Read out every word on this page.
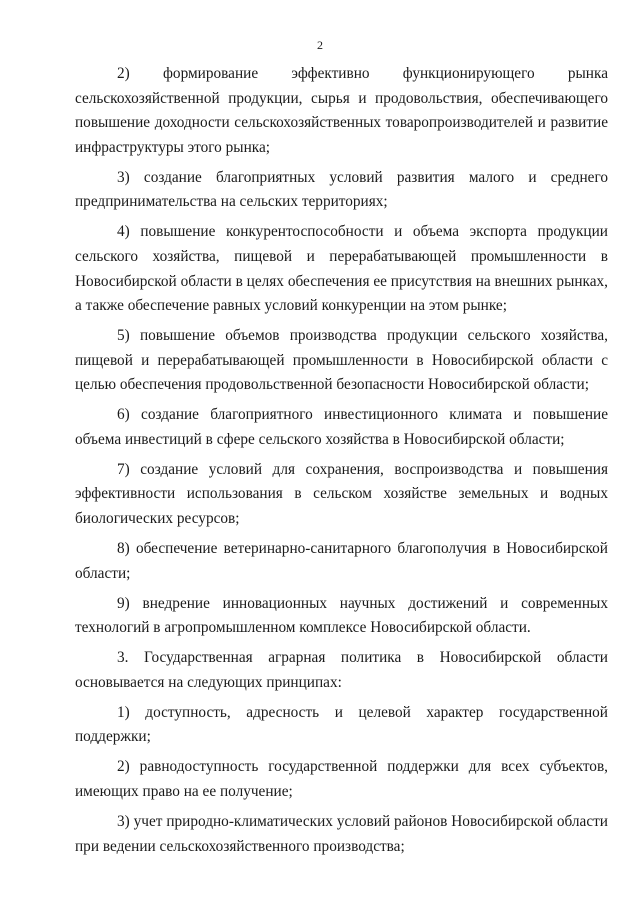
2

2) формирование эффективно функционирующего рынка сельскохозяйственной продукции, сырья и продовольствия, обеспечивающего повышение доходности сельскохозяйственных товаропроизводителей и развитие инфраструктуры этого рынка;

3) создание благоприятных условий развития малого и среднего предпринимательства на сельских территориях;

4) повышение конкурентоспособности и объема экспорта продукции сельского хозяйства, пищевой и перерабатывающей промышленности в Новосибирской области в целях обеспечения ее присутствия на внешних рынках, а также обеспечение равных условий конкуренции на этом рынке;

5) повышение объемов производства продукции сельского хозяйства, пищевой и перерабатывающей промышленности в Новосибирской области с целью обеспечения продовольственной безопасности Новосибирской области;

6) создание благоприятного инвестиционного климата и повышение объема инвестиций в сфере сельского хозяйства в Новосибирской области;

7) создание условий для сохранения, воспроизводства и повышения эффективности использования в сельском хозяйстве земельных и водных биологических ресурсов;

8) обеспечение ветеринарно-санитарного благополучия в Новосибирской области;

9) внедрение инновационных научных достижений и современных технологий в агропромышленном комплексе Новосибирской области.

3. Государственная аграрная политика в Новосибирской области основывается на следующих принципах:

1) доступность, адресность и целевой характер государственной поддержки;

2) равнодоступность государственной поддержки для всех субъектов, имеющих право на ее получение;

3) учет природно-климатических условий районов Новосибирской области при ведении сельскохозяйственного производства;
